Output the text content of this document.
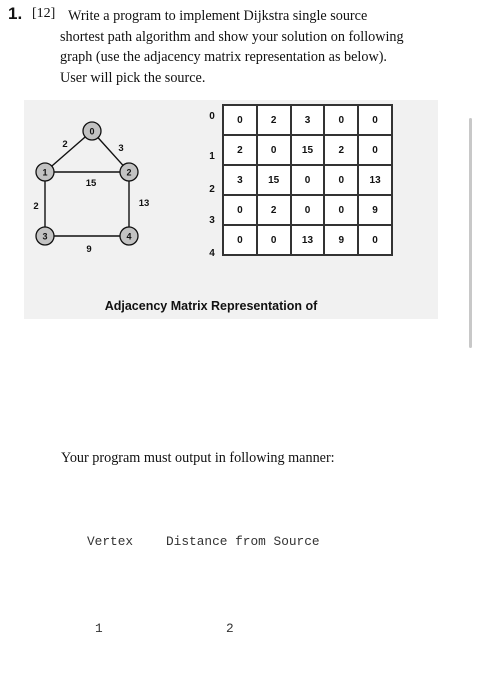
1. [12] Write a program to implement Dijkstra single source
shortest path algorithm and show your solution on following
graph (use the adjacency matrix representation as below).
User will pick the source.
2	3
15
2
9
13
0
1	2
3	4
0
1
2
3
4
0	2	3	0	0
2	0	15	2	0
3	15	0	0	13
0	2	0	0	9
0	0	13	9	0
Adjacency Matrix Representation of
Your program must output in following manner:
Vertex	Distance from Source
1	2
